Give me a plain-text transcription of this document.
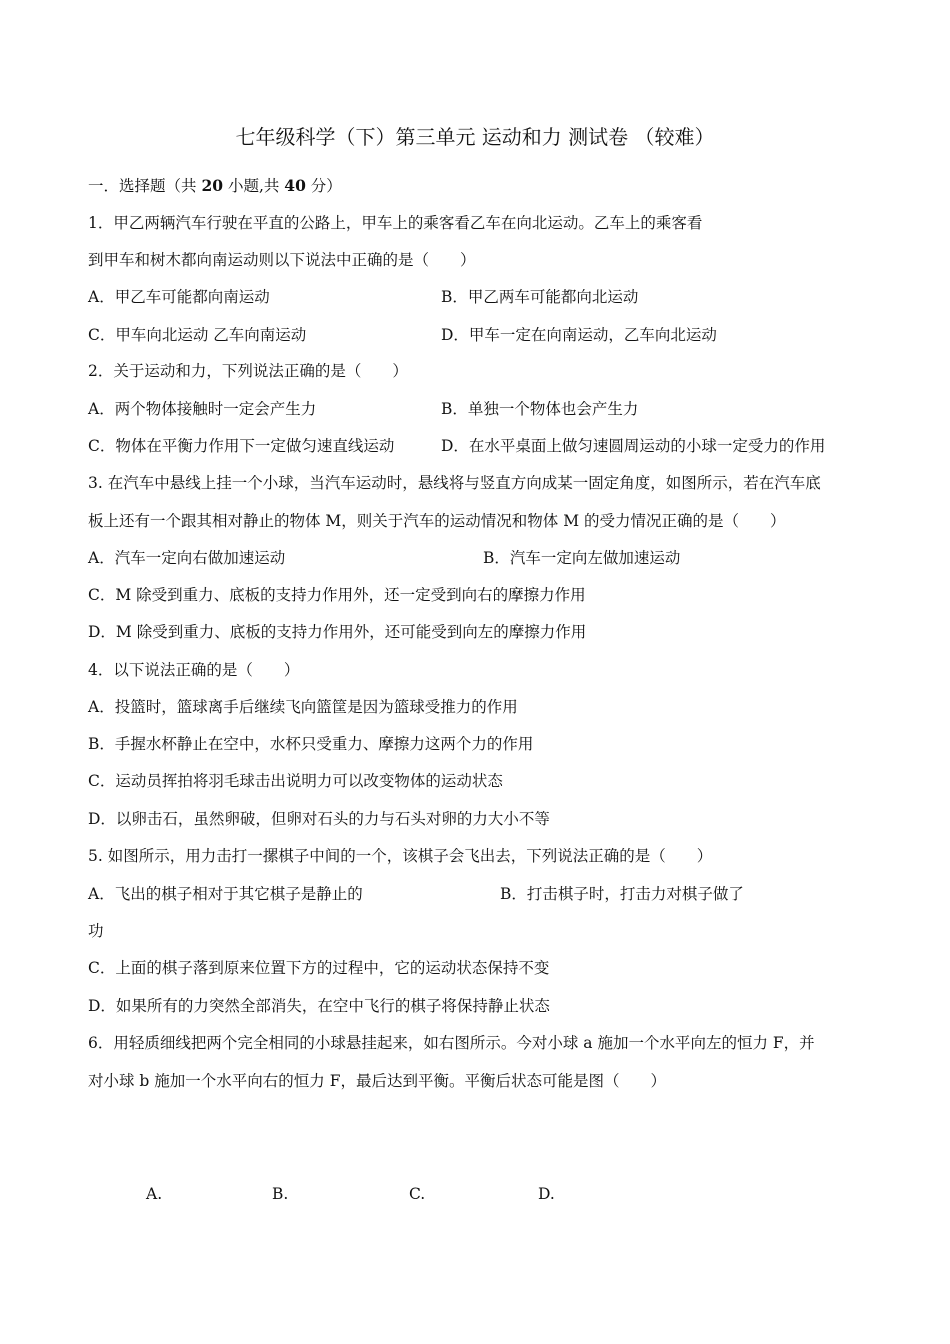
七年级科学（下）第三单元 运动和力 测试卷 （较难）
一．选择题（共 20 小题,共 40 分）
1．甲乙两辆汽车行驶在平直的公路上，甲车上的乘客看乙车在向北运动。乙车上的乘客看
到甲车和树木都向南运动则以下说法中正确的是（　　）
A．甲乙车可能都向南运动	B．甲乙两车可能都向北运动
C．甲车向北运动 乙车向南运动	D．甲车一定在向南运动，乙车向北运动
2．关于运动和力，下列说法正确的是（　　）
A．两个物体接触时一定会产生力	B．单独一个物体也会产生力
C．物体在平衡力作用下一定做匀速直线运动	D．在水平桌面上做匀速圆周运动的小球一定受力的作用
3. 在汽车中悬线上挂一个小球，当汽车运动时，悬线将与竖直方向成某一固定角度，如图所示，若在汽车底
板上还有一个跟其相对静止的物体 M，则关于汽车的运动情况和物体 M 的受力情况正确的是（　　）
A．汽车一定向右做加速运动	B．汽车一定向左做加速运动
C．M 除受到重力、底板的支持力作用外，还一定受到向右的摩擦力作用
D．M 除受到重力、底板的支持力作用外，还可能受到向左的摩擦力作用
4．以下说法正确的是（　　）
A．投篮时，篮球离手后继续飞向篮筐是因为篮球受推力的作用
B．手握水杯静止在空中，水杯只受重力、摩擦力这两个力的作用
C．运动员挥拍将羽毛球击出说明力可以改变物体的运动状态
D．以卵击石，虽然卵破，但卵对石头的力与石头对卵的力大小不等
5. 如图所示，用力击打一摞棋子中间的一个，该棋子会飞出去，下列说法正确的是（　　）
A．飞出的棋子相对于其它棋子是静止的	B．打击棋子时，打击力对棋子做了
功
C．上面的棋子落到原来位置下方的过程中，它的运动状态保持不变
D．如果所有的力突然全部消失，在空中飞行的棋子将保持静止状态
6．用轻质细线把两个完全相同的小球悬挂起来，如右图所示。今对小球 a 施加一个水平向左的恒力 F，并
对小球 b 施加一个水平向右的恒力 F，最后达到平衡。平衡后状态可能是图（　　）
A.	B.	C.	D.
